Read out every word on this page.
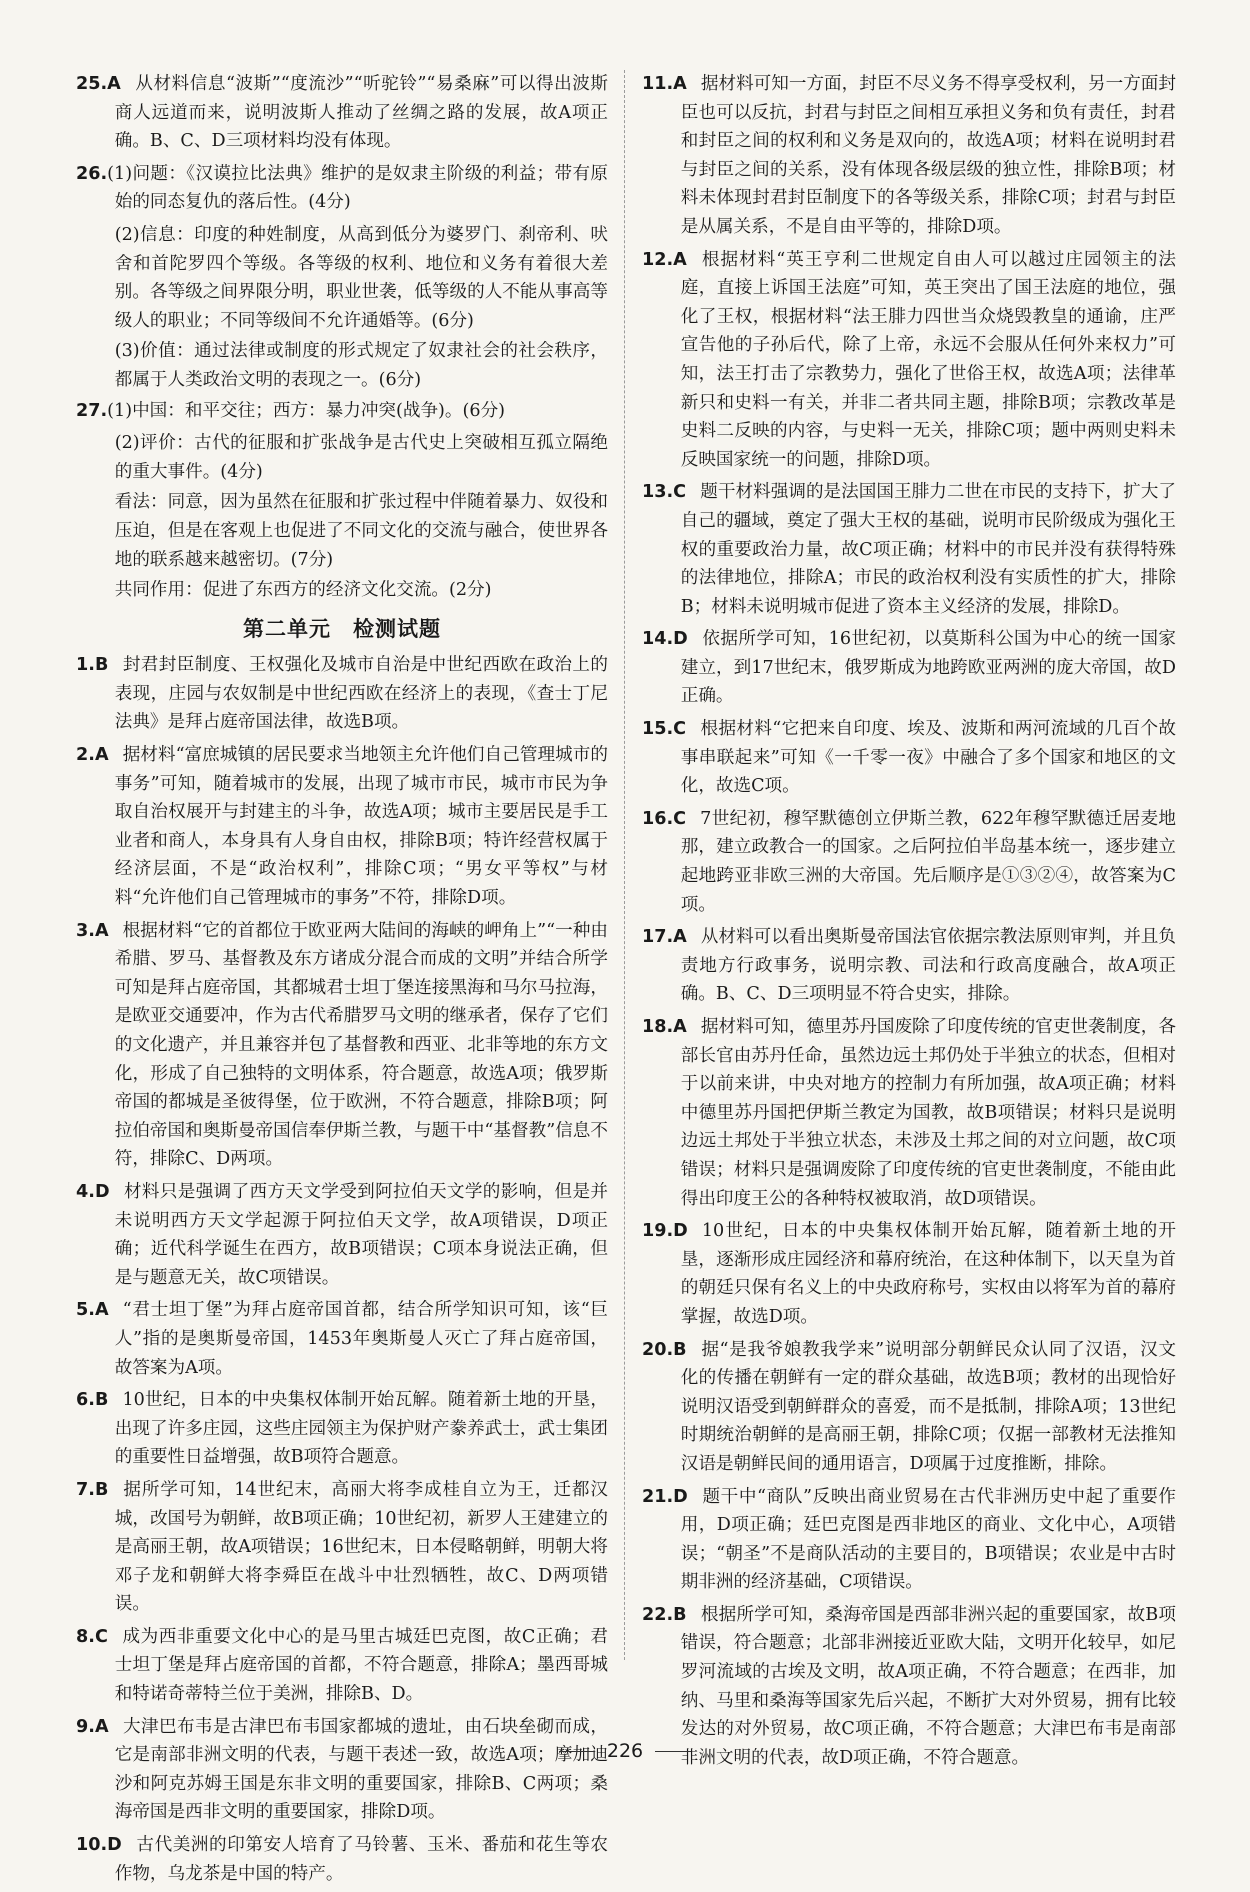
25.A 从材料信息“波斯”“度流沙”“听驼铃”“易桑麻”可以得出波斯商人远道而来，说明波斯人推动了丝绸之路的发展，故A项正确。B、C、D三项材料均没有体现。
26.(1)问题：《汉谟拉比法典》维护的是奴隶主阶级的利益；带有原始的同态复仇的落后性。(4分)
(2)信息：印度的种姓制度，从高到低分为婆罗门、刹帝利、吠舍和首陀罗四个等级。各等级的权利、地位和义务有着很大差别。各等级之间界限分明，职业世袭，低等级的人不能从事高等级人的职业；不同等级间不允许通婚等。(6分)
(3)价值：通过法律或制度的形式规定了奴隶社会的社会秩序，都属于人类政治文明的表现之一。(6分)
27.(1)中国：和平交往；西方：暴力冲突(战争)。(6分)
(2)评价：古代的征服和扩张战争是古代史上突破相互孤立隔绝的重大事件。(4分)
看法：同意，因为虽然在征服和扩张过程中伴随着暴力、奴役和压迫，但是在客观上也促进了不同文化的交流与融合，使世界各地的联系越来越密切。(7分)
共同作用：促进了东西方的经济文化交流。(2分)
第二单元　检测试题
1.B 封君封臣制度、王权强化及城市自治是中世纪西欧在政治上的表现，庄园与农奴制是中世纪西欧在经济上的表现，《查士丁尼法典》是拜占庭帝国法律，故选B项。
2.A 据材料“富庶城镇的居民要求当地领主允许他们自己管理城市的事务”可知，随着城市的发展，出现了城市市民，城市市民为争取自治权展开与封建主的斗争，故选A项；城市主要居民是手工业者和商人，本身具有人身自由权，排除B项；特许经营权属于经济层面，不是“政治权利”，排除C项；“男女平等权”与材料“允许他们自己管理城市的事务”不符，排除D项。
3.A 根据材料“它的首都位于欧亚两大陆间的海峡的岬角上”“一种由希腊、罗马、基督教及东方诸成分混合而成的文明”并结合所学可知是拜占庭帝国，其都城君士坦丁堡连接黑海和马尔马拉海，是欧亚交通要冲，作为古代希腊罗马文明的继承者，保存了它们的文化遗产，并且兼容并包了基督教和西亚、北非等地的东方文化，形成了自己独特的文明体系，符合题意，故选A项；俄罗斯帝国的都城是圣彼得堡，位于欧洲，不符合题意，排除B项；阿拉伯帝国和奥斯曼帝国信奉伊斯兰教，与题干中“基督教”信息不符，排除C、D两项。
4.D 材料只是强调了西方天文学受到阿拉伯天文学的影响，但是并未说明西方天文学起源于阿拉伯天文学，故A项错误，D项正确；近代科学诞生在西方，故B项错误；C项本身说法正确，但是与题意无关，故C项错误。
5.A “君士坦丁堡”为拜占庭帝国首都，结合所学知识可知，该“巨人”指的是奥斯曼帝国，1453年奥斯曼人灭亡了拜占庭帝国，故答案为A项。
6.B 10世纪，日本的中央集权体制开始瓦解。随着新土地的开垦，出现了许多庄园，这些庄园领主为保护财产豢养武士，武士集团的重要性日益增强，故B项符合题意。
7.B 据所学可知，14世纪末，高丽大将李成桂自立为王，迁都汉城，改国号为朝鲜，故B项正确；10世纪初，新罗人王建建立的是高丽王朝，故A项错误；16世纪末，日本侵略朝鲜，明朝大将邓子龙和朝鲜大将李舜臣在战斗中壮烈牺牲，故C、D两项错误。
8.C 成为西非重要文化中心的是马里古城廷巴克图，故C正确；君士坦丁堡是拜占庭帝国的首都，不符合题意，排除A；墨西哥城和特诺奇蒂特兰位于美洲，排除B、D。
9.A 大津巴布韦是古津巴布韦国家都城的遗址，由石块垒砌而成，它是南部非洲文明的代表，与题干表述一致，故选A项；摩加迪沙和阿克苏姆王国是东非文明的重要国家，排除B、C两项；桑海帝国是西非文明的重要国家，排除D项。
10.D 古代美洲的印第安人培育了马铃薯、玉米、番茄和花生等农作物，乌龙茶是中国的特产。
11.A 据材料可知一方面，封臣不尽义务不得享受权利，另一方面封臣也可以反抗，封君与封臣之间相互承担义务和负有责任，封君和封臣之间的权利和义务是双向的，故选A项；材料在说明封君与封臣之间的关系，没有体现各级层级的独立性，排除B项；材料未体现封君封臣制度下的各等级关系，排除C项；封君与封臣是从属关系，不是自由平等的，排除D项。
12.A 根据材料“英王亨利二世规定自由人可以越过庄园领主的法庭，直接上诉国王法庭”可知，英王突出了国王法庭的地位，强化了王权，根据材料“法王腓力四世当众烧毁教皇的通谕，庄严宣告他的子孙后代，除了上帝，永远不会服从任何外来权力”可知，法王打击了宗教势力，强化了世俗王权，故选A项；法律革新只和史料一有关，并非二者共同主题，排除B项；宗教改革是史料二反映的内容，与史料一无关，排除C项；题中两则史料未反映国家统一的问题，排除D项。
13.C 题干材料强调的是法国国王腓力二世在市民的支持下，扩大了自己的疆域，奠定了强大王权的基础，说明市民阶级成为强化王权的重要政治力量，故C项正确；材料中的市民并没有获得特殊的法律地位，排除A；市民的政治权利没有实质性的扩大，排除B；材料未说明城市促进了资本主义经济的发展，排除D。
14.D 依据所学可知，16世纪初，以莫斯科公国为中心的统一国家建立，到17世纪末，俄罗斯成为地跨欧亚两洲的庞大帝国，故D正确。
15.C 根据材料“它把来自印度、埃及、波斯和两河流域的几百个故事串联起来”可知《一千零一夜》中融合了多个国家和地区的文化，故选C项。
16.C 7世纪初，穆罕默德创立伊斯兰教，622年穆罕默德迁居麦地那，建立政教合一的国家。之后阿拉伯半岛基本统一，逐步建立起地跨亚非欧三洲的大帝国。先后顺序是①③②④，故答案为C项。
17.A 从材料可以看出奥斯曼帝国法官依据宗教法原则审判，并且负责地方行政事务，说明宗教、司法和行政高度融合，故A项正确。B、C、D三项明显不符合史实，排除。
18.A 据材料可知，德里苏丹国废除了印度传统的官吏世袭制度，各部长官由苏丹任命，虽然边远土邦仍处于半独立的状态，但相对于以前来讲，中央对地方的控制力有所加强，故A项正确；材料中德里苏丹国把伊斯兰教定为国教，故B项错误；材料只是说明边远土邦处于半独立状态，未涉及土邦之间的对立问题，故C项错误；材料只是强调废除了印度传统的官吏世袭制度，不能由此得出印度王公的各种特权被取消，故D项错误。
19.D 10世纪，日本的中央集权体制开始瓦解，随着新土地的开垦，逐渐形成庄园经济和幕府统治，在这种体制下，以天皇为首的朝廷只保有名义上的中央政府称号，实权由以将军为首的幕府掌握，故选D项。
20.B 据“是我爷娘教我学来”说明部分朝鲜民众认同了汉语，汉文化的传播在朝鲜有一定的群众基础，故选B项；教材的出现恰好说明汉语受到朝鲜群众的喜爱，而不是抵制，排除A项；13世纪时期统治朝鲜的是高丽王朝，排除C项；仅据一部教材无法推知汉语是朝鲜民间的通用语言，D项属于过度推断，排除。
21.D 题干中“商队”反映出商业贸易在古代非洲历史中起了重要作用，D项正确；廷巴克图是西非地区的商业、文化中心，A项错误；“朝圣”不是商队活动的主要目的，B项错误；农业是中古时期非洲的经济基础，C项错误。
22.B 根据所学可知，桑海帝国是西部非洲兴起的重要国家，故B项错误，符合题意；北部非洲接近亚欧大陆，文明开化较早，如尼罗河流域的古埃及文明，故A项正确，不符合题意；在西非，加纳、马里和桑海等国家先后兴起，不断扩大对外贸易，拥有比较发达的对外贸易，故C项正确，不符合题意；大津巴布韦是南部非洲文明的代表，故D项正确，不符合题意。
226
